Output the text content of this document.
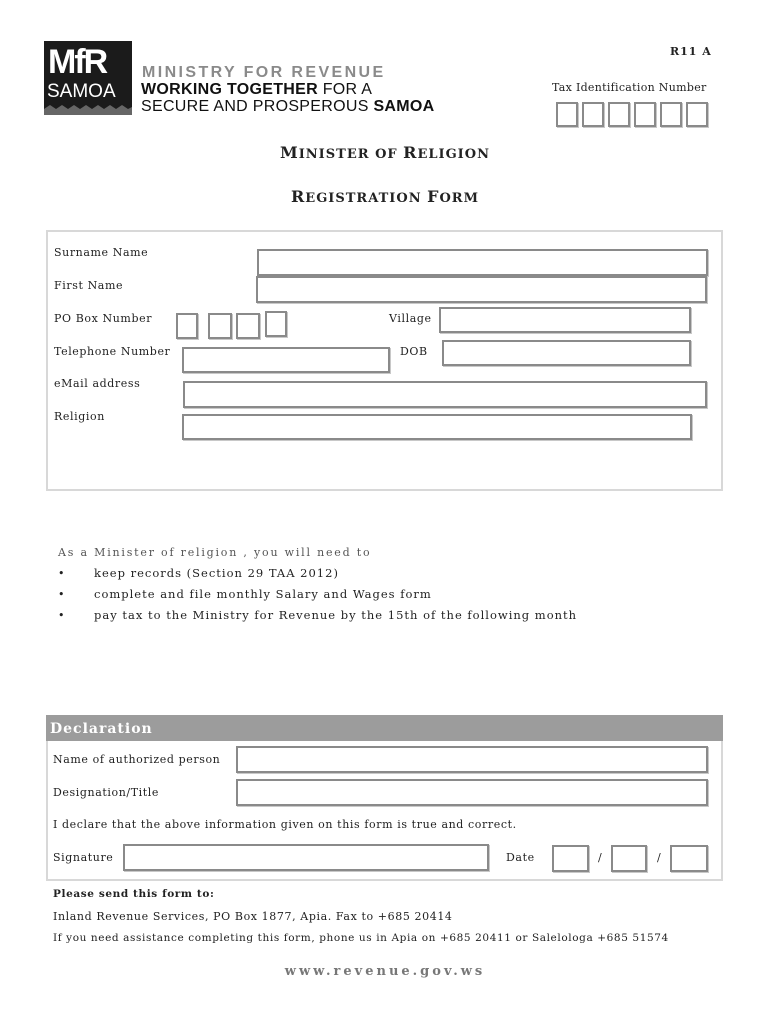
MfR
SAMOA
MINISTRY FOR REVENUE
WORKING TOGETHER FOR A
SECURE AND PROSPEROUS SAMOA
R11 A
Tax Identification Number
MINISTER OF RELIGION
REGISTRATION FORM
Surname Name
First Name
PO Box Number	Village
Telephone Number	DOB
eMail address
Religion
As a Minister of religion , you will need to
•	keep records (Section 29 TAA 2012)
•	complete and file monthly Salary and Wages form
•	pay tax to the Ministry for Revenue by the 15th of the following month
Declaration
Name of authorized person
Designation/Title
I declare that the above information given on this form is true and correct.
Signature	Date	/	/
Please send this form to:
Inland Revenue Services, PO Box 1877, Apia. Fax to +685 20414
If you need assistance completing this form, phone us in Apia on +685 20411 or Salelologa +685 51574
www.revenue.gov.ws
